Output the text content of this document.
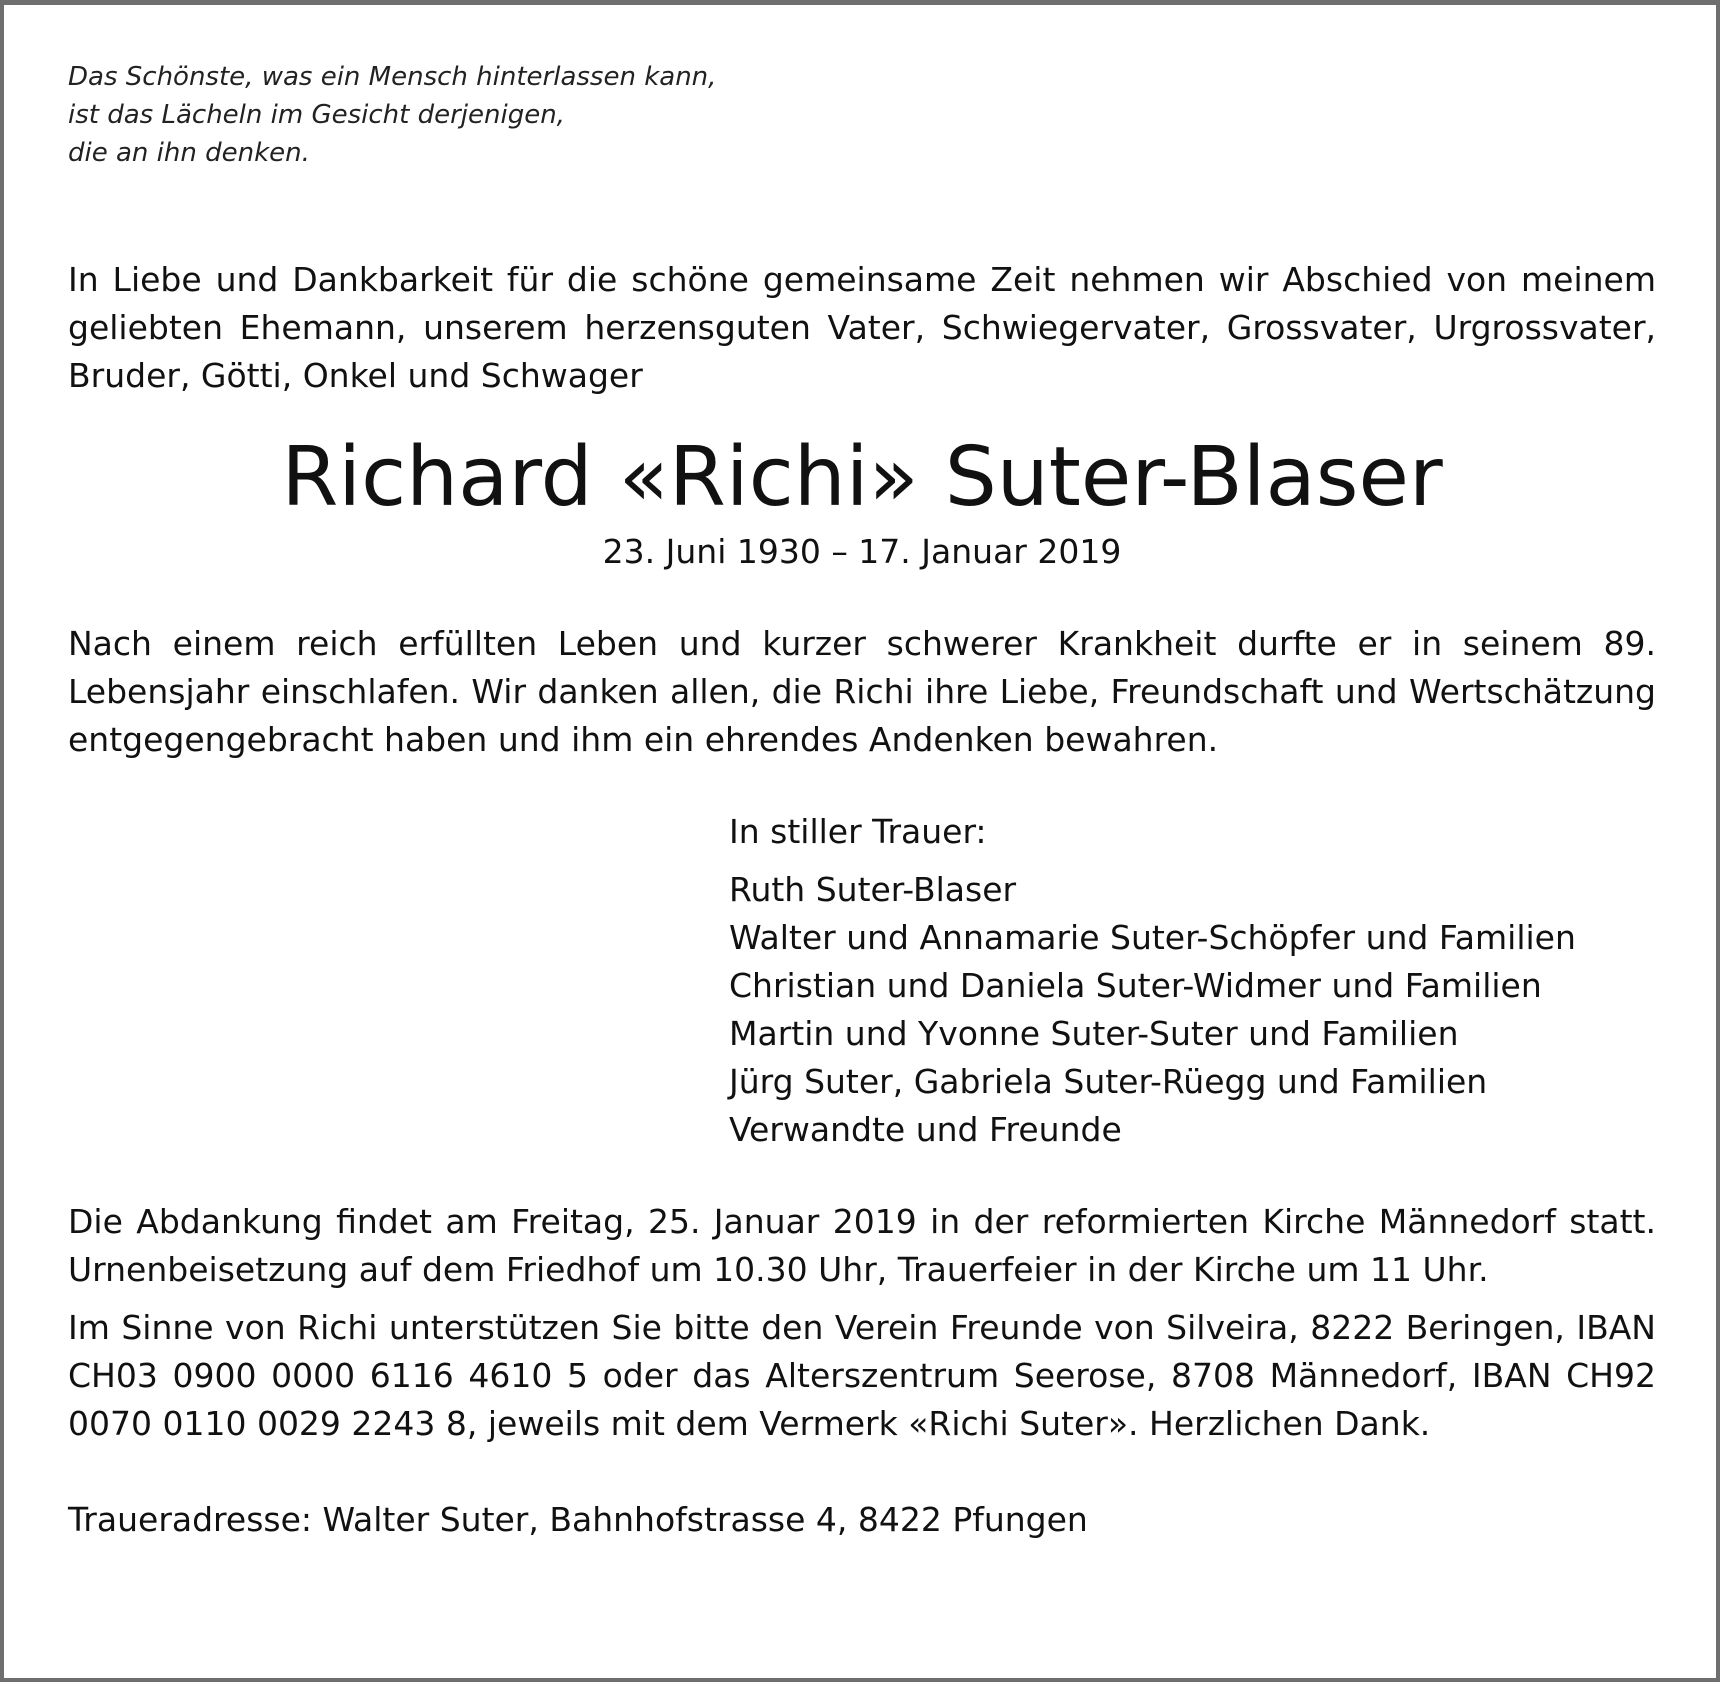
Das Schönste, was ein Mensch hinterlassen kann,
ist das Lächeln im Gesicht derjenigen,
die an ihn denken.
In Liebe und Dankbarkeit für die schöne gemeinsame Zeit nehmen wir Abschied von meinem geliebten Ehemann, unserem herzensguten Vater, Schwiegervater, Grossvater, Urgrossvater, Bruder, Götti, Onkel und Schwager
Richard «Richi» Suter-Blaser
23. Juni 1930 – 17. Januar 2019
Nach einem reich erfüllten Leben und kurzer schwerer Krankheit durfte er in seinem 89. Lebensjahr einschlafen. Wir danken allen, die Richi ihre Liebe, Freundschaft und Wertschätzung entgegengebracht haben und ihm ein ehrendes Andenken bewahren.
In stiller Trauer:
Ruth Suter-Blaser
Walter und Annamarie Suter-Schöpfer und Familien
Christian und Daniela Suter-Widmer und Familien
Martin und Yvonne Suter-Suter und Familien
Jürg Suter, Gabriela Suter-Rüegg und Familien
Verwandte und Freunde
Die Abdankung findet am Freitag, 25. Januar 2019 in der reformierten Kirche Männedorf statt. Urnenbeisetzung auf dem Friedhof um 10.30 Uhr, Trauerfeier in der Kirche um 11 Uhr.
Im Sinne von Richi unterstützen Sie bitte den Verein Freunde von Silveira, 8222 Beringen, IBAN CH03 0900 0000 6116 4610 5 oder das Alterszentrum Seerose, 8708 Männedorf, IBAN CH92 0070 0110 0029 2243 8, jeweils mit dem Vermerk «Richi Suter». Herzlichen Dank.
Traueradresse: Walter Suter, Bahnhofstrasse 4, 8422 Pfungen
